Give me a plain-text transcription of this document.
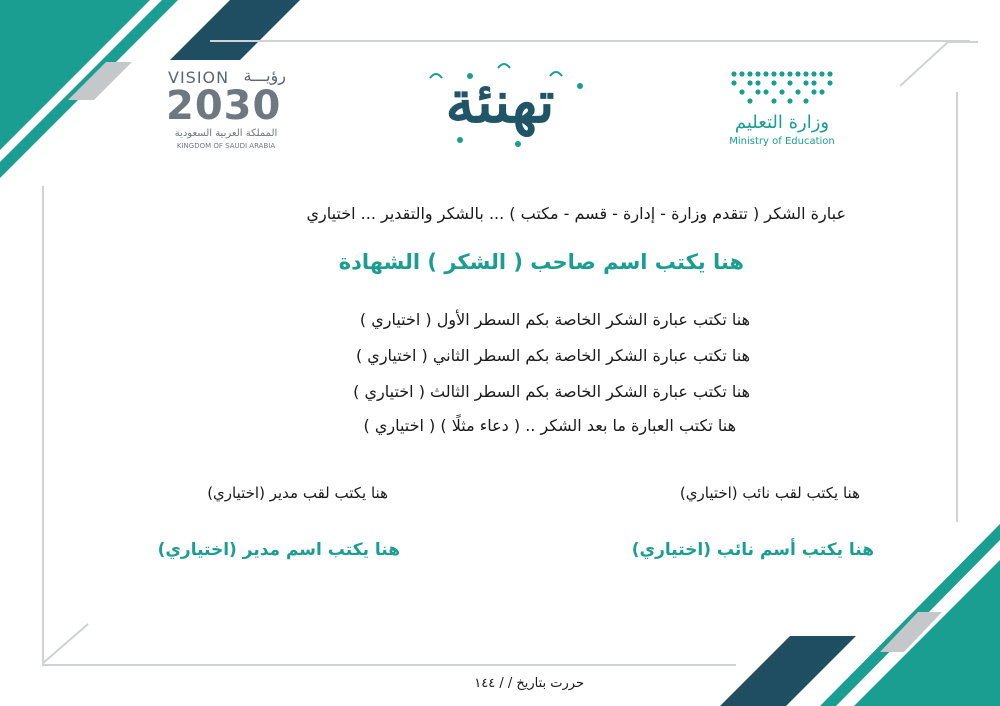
VISION رؤيـــة
2030
المملكة العربية السعودية
KINGDOM OF SAUDI ARABIA
تهنئة	وزارة التعليم
Ministry of Education
عبارة الشكر ( تتقدم وزارة - إدارة - قسم - مكتب ) ... بالشكر والتقدير ... اختياري
هنا يكتب اسم صاحب ( الشكر ) الشهادة
هنا تكتب عبارة الشكر الخاصة بكم السطر الأول ( اختياري )
هنا تكتب عبارة الشكر الخاصة بكم السطر الثاني ( اختياري )
هنا تكتب عبارة الشكر الخاصة بكم السطر الثالث ( اختياري )
هنا تكتب العبارة ما بعد الشكر .. ( دعاء مثلًا ) ( اختياري )
هنا يكتب لقب نائب (اختياري)
هنا يكتب أسم نائب (اختياري)
هنا يكتب لقب مدير (اختياري)
هنا يكتب اسم مدير (اختياري)
حررت بتاريخ / / ١٤٤
